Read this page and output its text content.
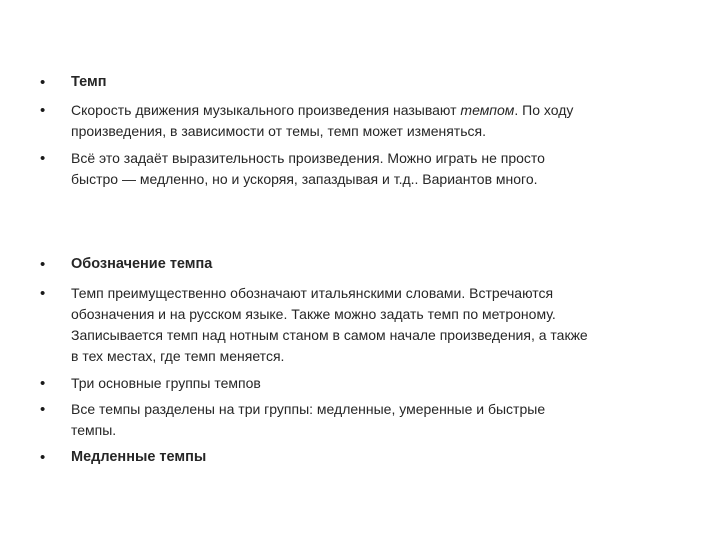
•	Темп
•	Скорость движения музыкального произведения называют темпом. По ходу
произведения, в зависимости от темы, темп может изменяться.
•	Всё это задаёт выразительность произведения. Можно играть не просто
быстро — медленно, но и ускоряя, запаздывая и т.д.. Вариантов много.
•	Обозначение темпа
•	Темп преимущественно обозначают итальянскими словами. Встречаются
обозначения и на русском языке. Также можно задать темп по метроному.
Записывается темп над нотным станом в самом начале произведения, а также
в тех местах, где темп меняется.
•	Три основные группы темпов
•	Все темпы разделены на три группы: медленные, умеренные и быстрые
темпы.
•	Медленные темпы
